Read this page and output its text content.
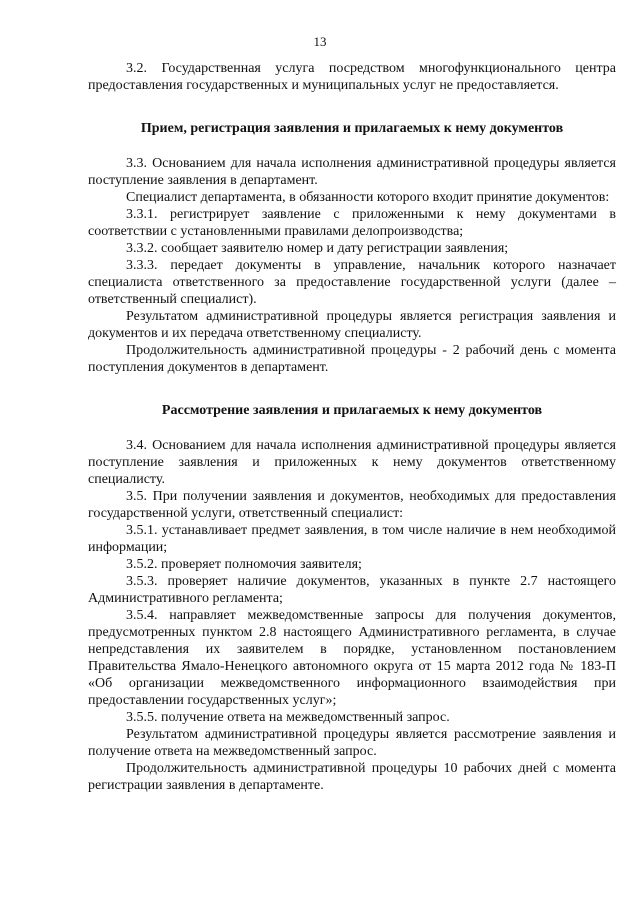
13

3.2. Государственная услуга посредством многофункционального центра предоставления государственных и муниципальных услуг не предоставляется.

Прием, регистрация заявления и прилагаемых к нему документов

3.3. Основанием для начала исполнения административной процедуры является поступление заявления в департамент.

Специалист департамента, в обязанности которого входит принятие документов:

3.3.1. регистрирует заявление с приложенными к нему документами в соответствии с установленными правилами делопроизводства;

3.3.2. сообщает заявителю номер и дату регистрации заявления;

3.3.3. передает документы в управление, начальник которого назначает специалиста ответственного за предоставление государственной услуги (далее – ответственный специалист).

Результатом административной процедуры является регистрация заявления и документов и их передача ответственному специалисту.

Продолжительность административной процедуры - 2 рабочий день с момента поступления документов в департамент.

Рассмотрение заявления и прилагаемых к нему документов

3.4. Основанием для начала исполнения административной процедуры является поступление заявления и приложенных к нему документов ответственному специалисту.

3.5. При получении заявления и документов, необходимых для предоставления государственной услуги, ответственный специалист:

3.5.1. устанавливает предмет заявления, в том числе наличие в нем необходимой информации;

3.5.2. проверяет полномочия заявителя;

3.5.3. проверяет наличие документов, указанных в пункте 2.7 настоящего Административного регламента;

3.5.4. направляет межведомственные запросы для получения документов, предусмотренных пунктом 2.8 настоящего Административного регламента, в случае непредставления их заявителем в порядке, установленном постановлением Правительства Ямало-Ненецкого автономного округа от 15 марта 2012 года № 183-П «Об организации межведомственного информационного взаимодействия при предоставлении государственных услуг»;

3.5.5. получение ответа на межведомственный запрос.

Результатом административной процедуры является рассмотрение заявления и получение ответа на межведомственный запрос.

Продолжительность административной процедуры 10 рабочих дней с момента регистрации заявления в департаменте.
